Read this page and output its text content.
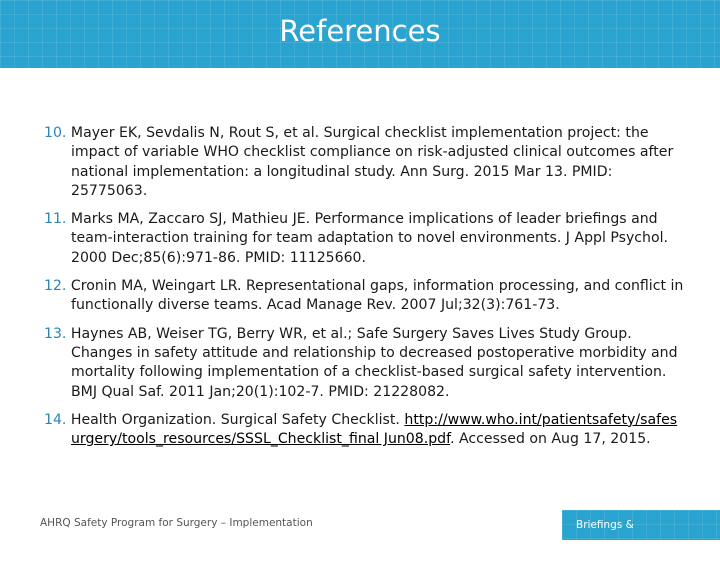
References

10. Mayer EK, Sevdalis N, Rout S, et al. Surgical checklist implementation project: the impact of variable WHO checklist compliance on risk-adjusted clinical outcomes after national implementation: a longitudinal study. Ann Surg. 2015 Mar 13. PMID: 25775063.

11. Marks MA, Zaccaro SJ, Mathieu JE. Performance implications of leader briefings and team-interaction training for team adaptation to novel environments. J Appl Psychol. 2000 Dec;85(6):971-86. PMID: 11125660.

12. Cronin MA, Weingart LR. Representational gaps, information processing, and conflict in functionally diverse teams. Acad Manage Rev. 2007 Jul;32(3):761-73.

13. Haynes AB, Weiser TG, Berry WR, et al.; Safe Surgery Saves Lives Study Group. Changes in safety attitude and relationship to decreased postoperative morbidity and mortality following implementation of a checklist-based surgical safety intervention. BMJ Qual Saf. 2011 Jan;20(1):102-7. PMID: 21228082.

14. Health Organization. Surgical Safety Checklist. http://www.who.int/patientsafety/safesurgery/tools_resources/SSSL_Checklist_final Jun08.pdf. Accessed on Aug 17, 2015.

AHRQ Safety Program for Surgery – Implementation	Briefings & Debriefings 48
